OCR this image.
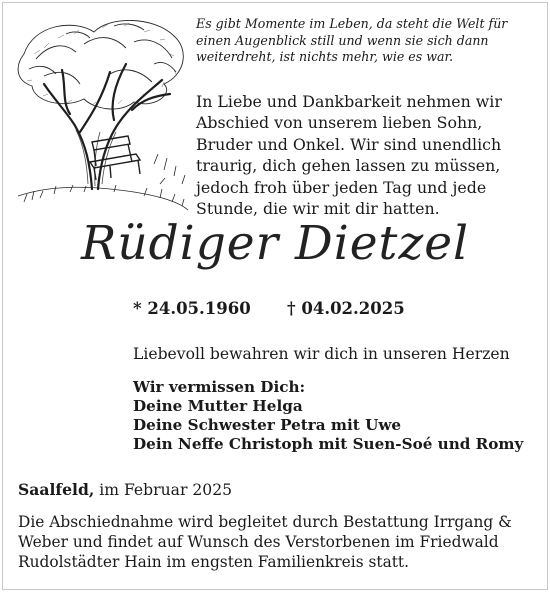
Es gibt Momente im Leben, da steht die Welt für
einen Augenblick still und wenn sie sich dann
weiterdreht, ist nichts mehr, wie es war.
In Liebe und Dankbarkeit nehmen wir
Abschied von unserem lieben Sohn,
Bruder und Onkel. Wir sind unendlich
traurig, dich gehen lassen zu müssen,
jedoch froh über jeden Tag und jede
Stunde, die wir mit dir hatten.
Rüdiger Dietzel
* 24.05.1960 † 04.02.2025
Liebevoll bewahren wir dich in unseren Herzen
Wir vermissen Dich:
Deine Mutter Helga
Deine Schwester Petra mit Uwe
Dein Neffe Christoph mit Suen-Soé und Romy
Saalfeld, im Februar 2025
Die Abschiednahme wird begleitet durch Bestattung Irrgang &
Weber und findet auf Wunsch des Verstorbenen im Friedwald
Rudolstädter Hain im engsten Familienkreis statt.
